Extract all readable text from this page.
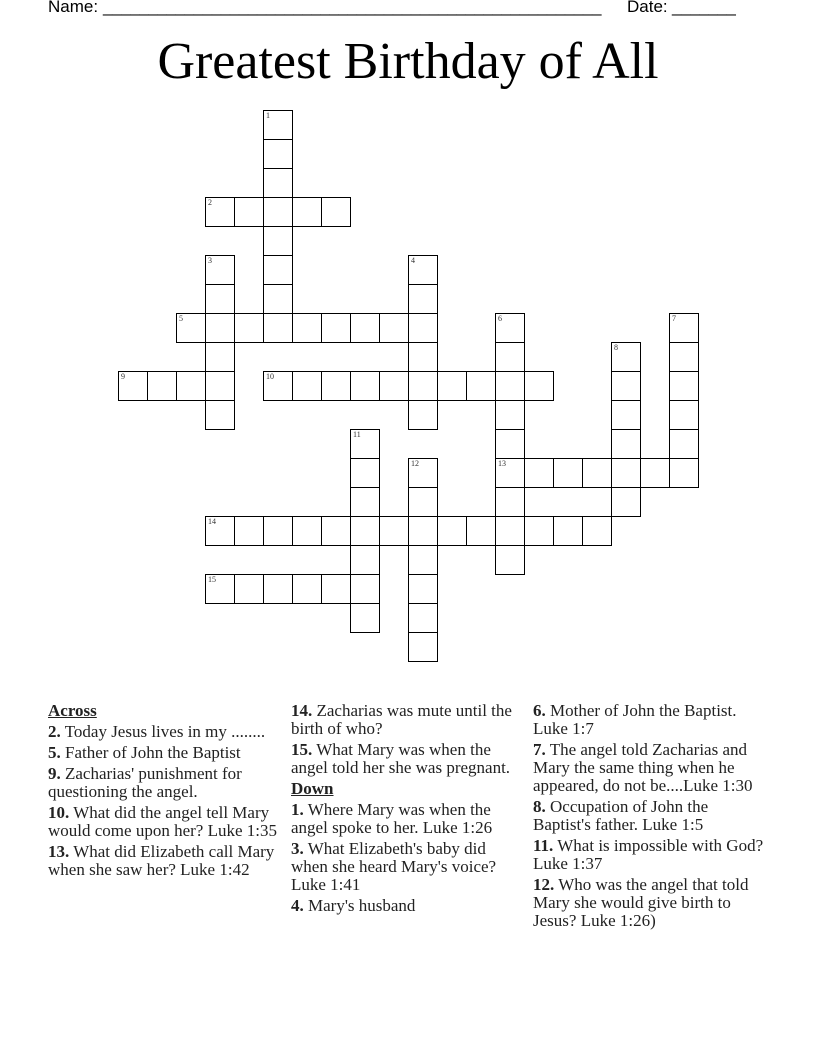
Name: _______________________________________________________ Date: _______
Greatest Birthday of All
1
2
3	4
5	6
13
7
8
9	10
11
12
14
15
Across
2. Today Jesus lives in my ........
5. Father of John the Baptist
9. Zacharias' punishment for questioning the angel.
10. What did the angel tell Mary would come upon her? Luke 1:35
13. What did Elizabeth call Mary when she saw her? Luke 1:42
14. Zacharias was mute until the birth of who?
15. What Mary was when the angel told her she was pregnant.
Down
1. Where Mary was when the angel spoke to her. Luke 1:26
3. What Elizabeth's baby did when she heard Mary's voice? Luke 1:41
4. Mary's husband
6. Mother of John the Baptist. Luke 1:7
7. The angel told Zacharias and Mary the same thing when he appeared, do not be....Luke 1:30
8. Occupation of John the Baptist's father. Luke 1:5
11. What is impossible with God? Luke 1:37
12. Who was the angel that told Mary she would give birth to Jesus? Luke 1:26)
